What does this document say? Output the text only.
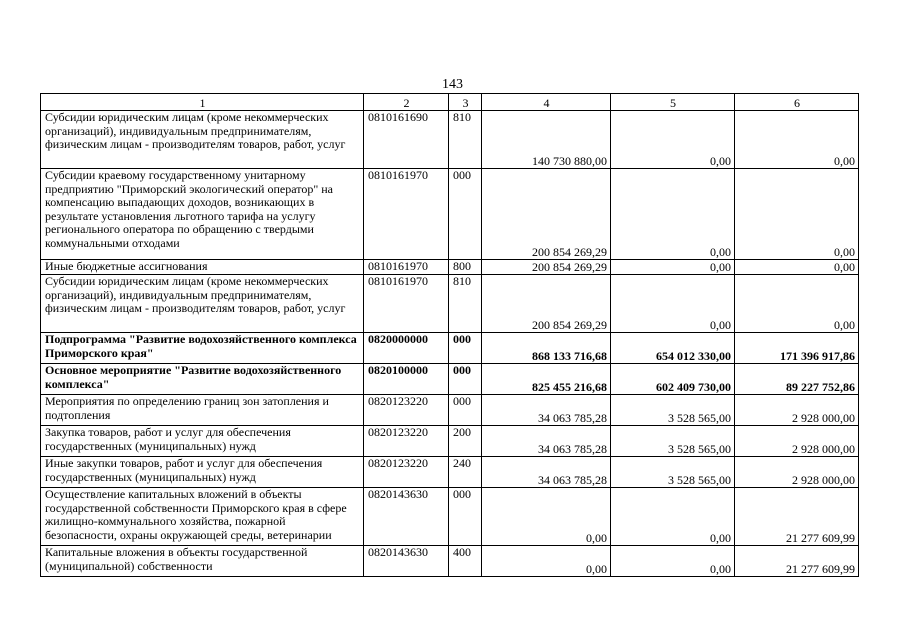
143
1	2	3	4	5	6
Субсидии юридическим лицам (кроме некоммерческих организаций), индивидуальным предпринимателям, физическим лицам - производителям товаров, работ, услуг	0810161690	810	140 730 880,00	0,00	0,00
Субсидии краевому государственному унитарному предприятию "Приморский экологический оператор" на компенсацию выпадающих доходов, возникающих в результате установления льготного тарифа на услугу регионального оператора по обращению с твердыми коммунальными отходами	0810161970	000	200 854 269,29	0,00	0,00
Иные бюджетные ассигнования	0810161970	800	200 854 269,29	0,00	0,00
Субсидии юридическим лицам (кроме некоммерческих организаций), индивидуальным предпринимателям, физическим лицам - производителям товаров, работ, услуг	0810161970	810	200 854 269,29	0,00	0,00
Подпрограмма "Развитие водохозяйственного комплекса Приморского края"	0820000000	000	868 133 716,68	654 012 330,00	171 396 917,86
Основное мероприятие "Развитие водохозяйственного комплекса"	0820100000	000	825 455 216,68	602 409 730,00	89 227 752,86
Мероприятия по определению границ зон затопления и подтопления	0820123220	000	34 063 785,28	3 528 565,00	2 928 000,00
Закупка товаров, работ и услуг для обеспечения государственных (муниципальных) нужд	0820123220	200	34 063 785,28	3 528 565,00	2 928 000,00
Иные закупки товаров, работ и услуг для обеспечения государственных (муниципальных) нужд	0820123220	240	34 063 785,28	3 528 565,00	2 928 000,00
Осуществление капитальных вложений в объекты государственной собственности Приморского края в сфере жилищно-коммунального хозяйства, пожарной безопасности, охраны окружающей среды, ветеринарии	0820143630	000	0,00	0,00	21 277 609,99
Капитальные вложения в объекты государственной (муниципальной) собственности	0820143630	400	0,00	0,00	21 277 609,99
